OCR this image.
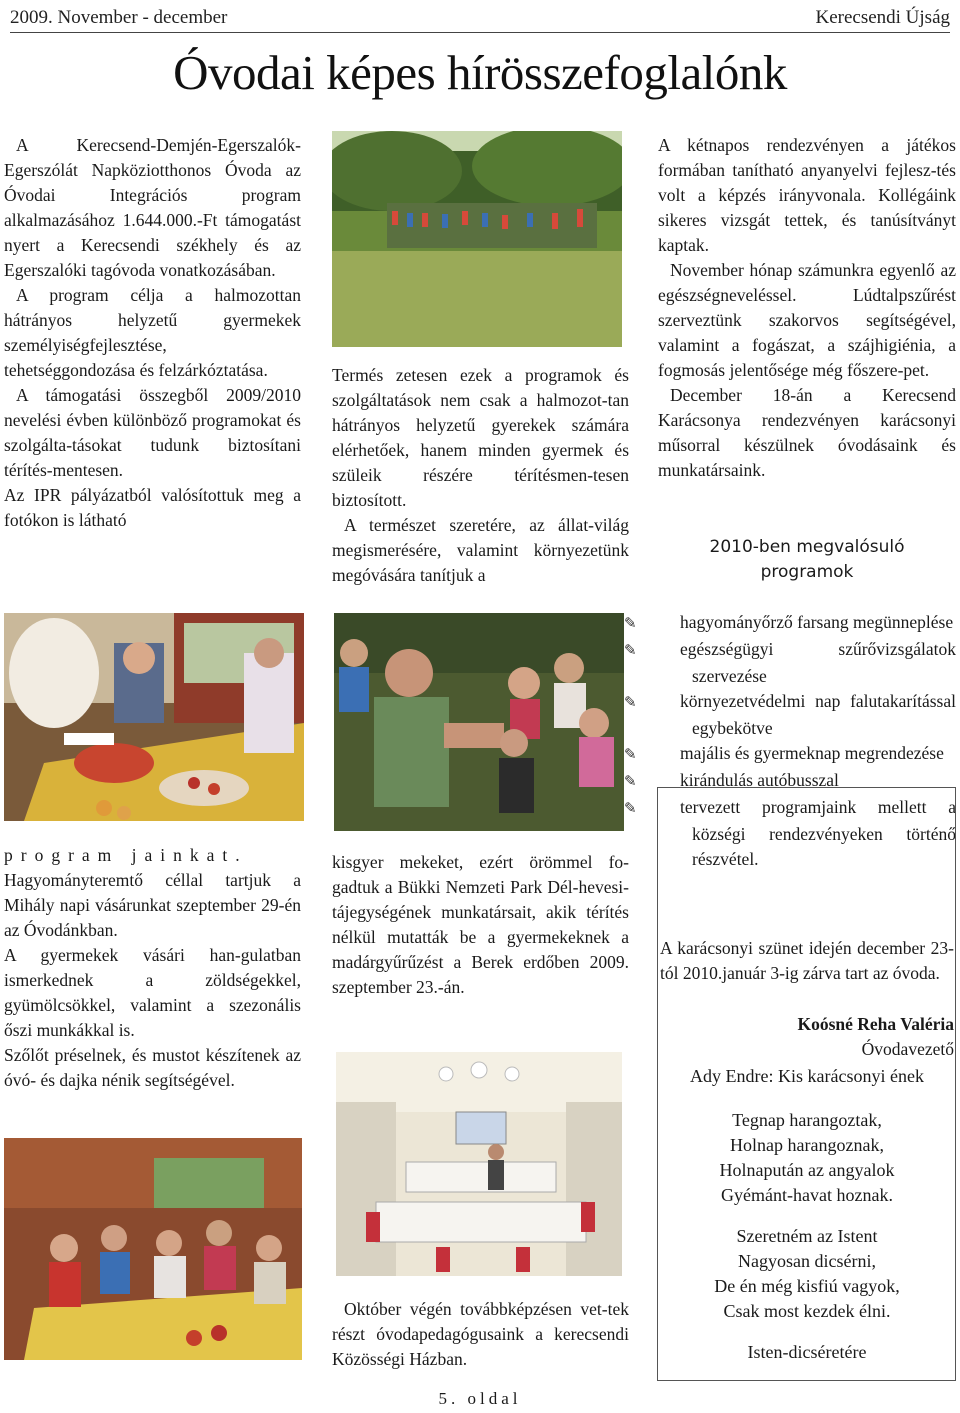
2009. November - december	Kerecsendi Újság
Óvodai képes hírösszefoglalónk

A Kerecsend-Demjén-Egerszalók-Egerszólát Napköziotthonos Óvoda az Óvodai Integrációs program alkalmazásához 1.644.000.-Ft támogatást nyert a Kerecsendi székhely és az Egerszalóki tagóvoda vonatkozásában.

A program célja a halmozottan hátrányos helyzetű gyermekek személyiségfejlesztése, tehetséggondozása és felzárkóztatása.

A támogatási összegből 2009/2010 nevelési évben különböző programokat és szolgálta-tásokat tudunk biztosítani térítés-mentesen.

Az IPR pályázatból valósítottuk meg a fotókon is látható

program jainkat.

Hagyományteremtő céllal tartjuk a Mihály napi vásárunkat szeptember 29-én az Óvodánkban.

A gyermekek vásári han-gulatban ismerkednek a zöldségekkel, gyümölcsökkel, valamint a szezonális őszi munkákkal is.

Szőlőt préselnek, és mustot készítenek az óvó- és dajka nénik segítségével.

Termés zetesen ezek a programok és szolgáltatások nem csak a halmozot-tan hátrányos helyzetű gyerekek számára elérhetőek, hanem minden gyermek és szüleik részére térítésmen-tesen biztosított.

A természet szeretére, az állat-világ megismerésére, valamint környezetünk megóvására tanítjuk a

kisgyer mekeket, ezért örömmel fo-gadtuk a Bükki Nemzeti Park Dél-hevesi-tájegységének munkatársait, akik térítés nélkül mutatták be a gyermekeknek a madárgyűrűzést a Berek erdőben 2009. szeptember 23.-án.

Október végén továbbképzésen vet-tek részt óvodapedagógusaink a kerecsendi Közösségi Házban.

A kétnapos rendezvényen a játékos formában tanítható anyanyelvi fejlesz-tés volt a képzés irányvonala. Kollégáink sikeres vizsgát tettek, és tanúsítványt kaptak.

November hónap számunkra egyenlő az egészségneveléssel. Lúdtalpszűrést szerveztünk szakorvos segítségével, valamint a fogászat, a szájhigiénia, a fogmosás jelentősége még főszere-pet.

December 18-án a Kerecsend Karácsonya rendezvényen karácsonyi műsorral készülnek óvodásaink és munkatársaink.

2010-ben megvalósuló
programok

✎ hagyományőrző farsang megünneplése

✎ egészségügyi szűrővizsgálatok szervezése

✎ környezetvédelmi nap falutakarítással egybekötve

✎ majális és gyermeknap megrendezése

✎ kirándulás autóbusszal

✎ tervezett programjaink mellett a községi rendezvényeken történő részvétel.

A karácsonyi szünet idején december 23-tól 2010.január 3-ig zárva tart az óvoda.

Koósné Reha Valéria
Óvodavezető
Ady Endre: Kis karácsonyi ének
Tegnap harangoztak,
Holnap harangoznak,
Holnapután az angyalok
Gyémánt-havat hoznak.
Szeretném az Istent
Nagyosan dicsérni,
De én még kisfiú vagyok,
Csak most kezdek élni.
Isten-dicséretére
5. oldal
